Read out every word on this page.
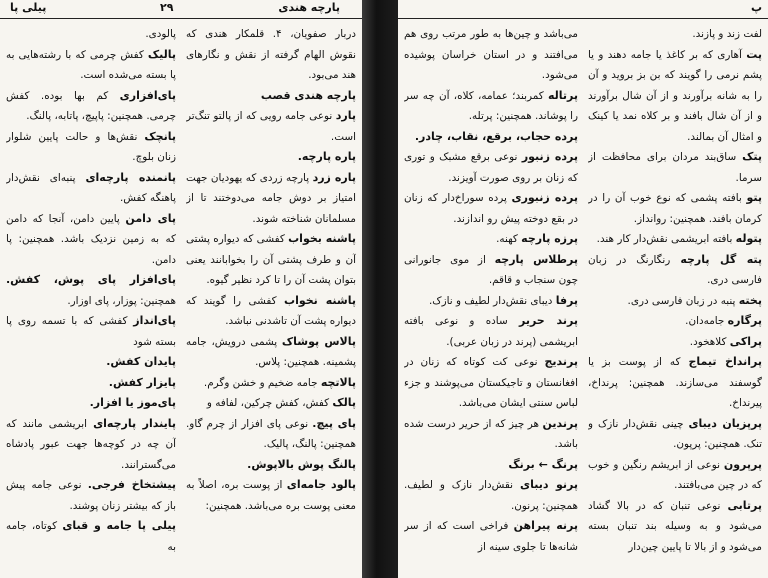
پارچه هندی
۲۹
پیلی پا

دربار صفویان، ۴. قلمکار هندی که نقوش الهام گرفته از نقش و نگارهای هند می‌بود.

پارچه هندی قصب

پارد نوعی جامه رویی که از پالتو تنگ‌تر است.

پاره پارچه.

پاره زرد پارچه زردی که یهودیان جهت امتیاز بر دوش جامه می‌دوختند تا از مسلمانان شناخته شوند.

پاشنه بخواب کفشی که دیواره پشتی آن و طرف پشتی آن را بخوابانند یعنی بتوان پشت آن را تا کرد نظیر گیوه.

پاشنه نخواب کفشی را گویند که دیواره پشت آن تاشدنی نباشد.

پالاس پوشاک پشمی درویش، جامه پشمینه. همچنین: پلاس.

پالاتچه جامه ضخیم و خشن وگرم.

پالک کفش، کفش چرکین، لفافه و

پای پیچ. نوعی پای افزار از چرم گاو. همچنین: پالنگ، پالیک.

پالنگ پوش بالاپوش.

پالود جامه‌ای از پوست بره، اصلاً به معنی پوست بره می‌باشد. همچنین:

پالودی.

پالیک کفش چرمی که با رشته‌هایی به پا بسته می‌شده است.

پای‌افزاری کم بها بوده. کفش چرمی. همچنین: پاپیچ، پاتابه، پالنگ.

پانچک نقش‌ها و حالت پایین شلوار زنان بلوچ.

پانمنده پارچه‌ای پنبه‌ای نقش‌دار پاهنگه کفش.

پای دامن پایین دامن، آنجا که دامن که به زمین نزدیک باشد. همچنین: پا دامن.

پای‌افزار پای پوش، کفش. همچنین: پوزار، پای اوزار.

پای‌انداز کفشی که با تسمه روی پا بسته شود

پایدان کفش.

پایزار کفش.

پای‌موز یا افزار.

پایندار پارچه‌ای ابریشمی مانند که آن چه در کوچه‌ها جهت عبور پادشاه می‌گسترانند.

پیشتخاخ فرجی. نوعی جامه پیش باز که بیشتر زنان پوشند.

پیلی پا جامه و قبای کوتاه، جامه به

پ

لفت زند و پازند.

پت آهاری که بر کاغذ یا جامه دهند و یا پشم نرمی را گویند که بن بز بروید و آن را به شانه برآورند و از آن شال برآورند و از آن شال بافند و بر کلاه نمد یا کینک و امثال آن بمالند.

پتک ساق‌بند مردان برای محافظت از سرما.

پتو بافته پشمی که نوع خوب آن را در کرمان بافند. همچنین: روانداز.

پتوله بافته ابریشمی نقش‌دار کار هند.

پته گل پارچه رنگارنگ در زبان فارسی دری.

پخته پنبه در زبان فارسی دری.

پرگاره جامه‌دان.

پراکی کلاهخود.

پرانداخ تیماج که از پوست بز یا گوسفند می‌سازند. همچنین: پرنداخ، پیرنداخ.

پرپزیان دیبای چینی نقش‌دار نازک و تنک. همچنین: پرپون.

پرپرون نوعی از ابریشم رنگین و خوب که در چین می‌بافتند.

پرتابی نوعی تنبان که در بالا گشاد می‌شود و به وسیله بند تنبان بسته می‌شود و از بالا تا پایین چین‌دار

می‌باشد و چین‌ها به طور مرتب روی هم می‌افتند و در استان خراسان پوشیده می‌شود.

پرتاله کمربند؛ عمامه، کلاه، آن چه سر را پوشاند. همچنین: پرتله.

پرده حجاب، برقع، نقاب، چادر.

پرده زنبور نوعی برقع مشبک و توری که زنان بر روی صورت آویزند.

پرده زنبوری پرده سوراخ‌دار که زنان در بقع دوخته پیش رو اندازند.

پرزه پارچه کهنه.

پرطلاس پارچه از موی جانورانی چون سنجاب و قاقم.

پرفا دیبای نقش‌دار لطیف و نازک.

پرند حریر ساده و نوعی بافته ابریشمی (پرند در زبان عربی).

پرندیج نوعی کت کوتاه که زنان در افغانستان و تاجیکستان می‌پوشند و جزء لباس سنتی ایشان می‌باشد.

پرندین هر چیز که از حریر درست شده باشد.

پرنگ ← برنگ

پرنو دیبای نقش‌دار نازک و لطیف. همچنین: پرنون.

پرنه پیراهن فراخی است که از سر شانه‌ها تا جلوی سینه از
